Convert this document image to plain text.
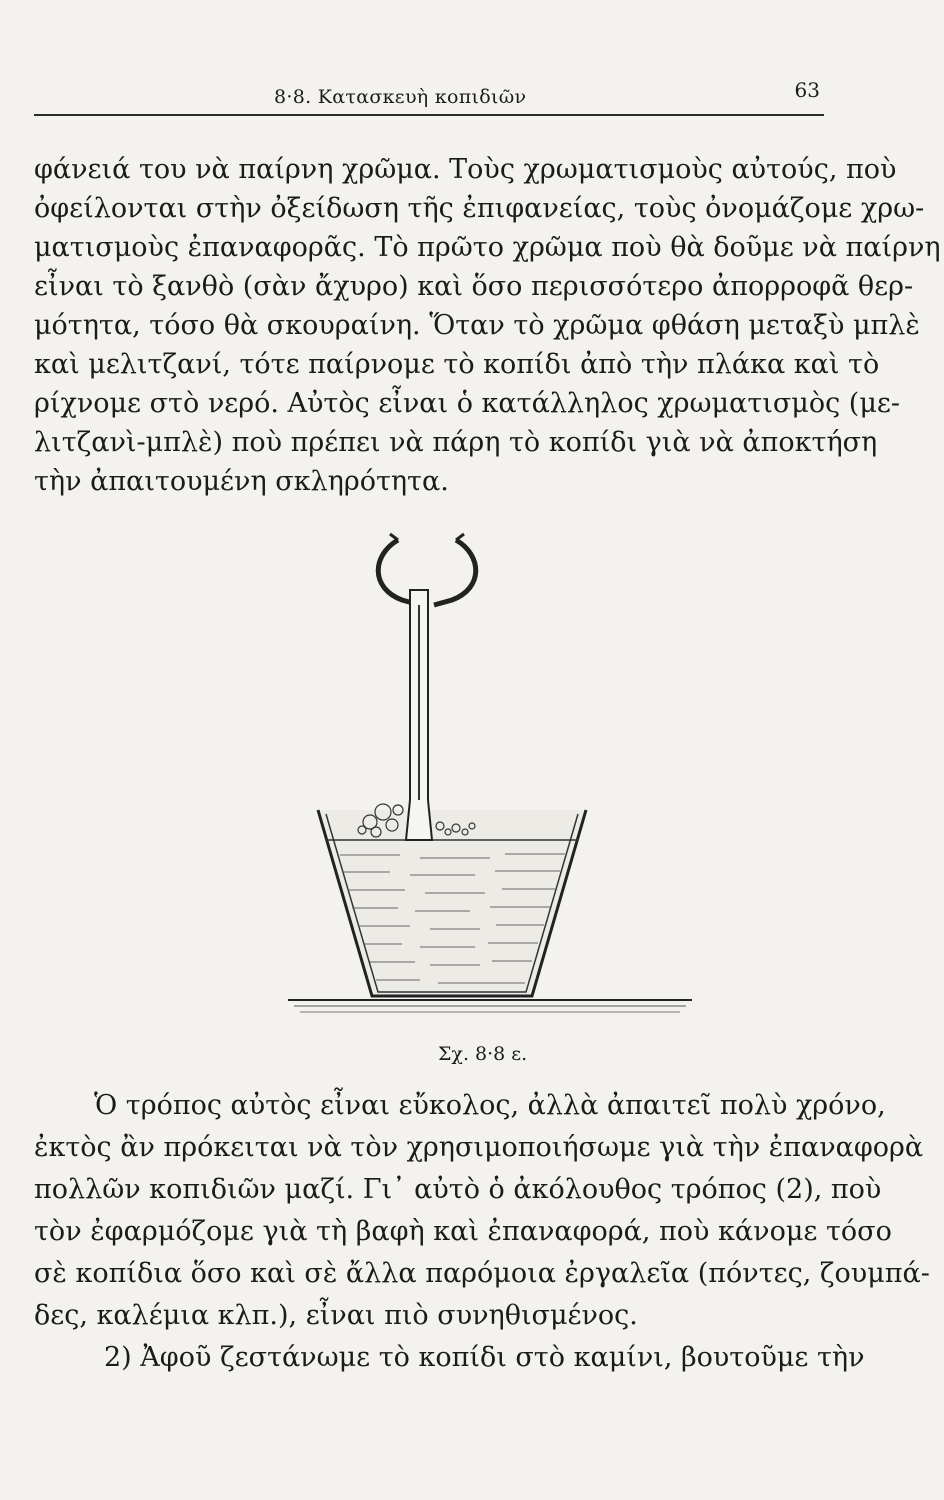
8·8. Κατασκευὴ κοπιδιῶν	63
φάνειά του νὰ παίρνη χρῶμα. Τοὺς χρωματισμοὺς αὐτούς, ποὺ
ὀφείλονται στὴν ὀξείδωση τῆς ἐπιφανείας, τοὺς ὀνομάζομε χρω-
ματισμοὺς ἐπαναφορᾶς. Τὸ πρῶτο χρῶμα ποὺ θὰ δοῦμε νὰ παίρνη
εἶναι τὸ ξανθὸ (σὰν ἄχυρο) καὶ ὅσο περισσότερο ἀπορροφᾶ θερ-
μότητα, τόσο θὰ σκουραίνη. Ὅταν τὸ χρῶμα φθάση μεταξὺ μπλὲ
καὶ μελιτζανί, τότε παίρνομε τὸ κοπίδι ἀπὸ τὴν πλάκα καὶ τὸ
ρίχνομε στὸ νερό. Αὐτὸς εἶναι ὁ κατάλληλος χρωματισμὸς (με-
λιτζανὶ-μπλὲ) ποὺ πρέπει νὰ πάρη τὸ κοπίδι γιὰ νὰ ἀποκτήση
τὴν ἀπαιτουμένη σκληρότητα.
Σχ. 8·8 ε.
Ὁ τρόπος αὐτὸς εἶναι εὔκολος, ἀλλὰ ἀπαιτεῖ πολὺ χρόνο,
ἐκτὸς ἂν πρόκειται νὰ τὸν χρησιμοποιήσωμε γιὰ τὴν ἐπαναφορὰ
πολλῶν κοπιδιῶν μαζί. Γι᾽ αὐτὸ ὁ ἀκόλουθος τρόπος (2), ποὺ
τὸν ἐφαρμόζομε γιὰ τὴ βαφὴ καὶ ἐπαναφορά, ποὺ κάνομε τόσο
σὲ κοπίδια ὅσο καὶ σὲ ἄλλα παρόμοια ἐργαλεῖα (πόντες, ζουμπά-
δες, καλέμια κλπ.), εἶναι πιὸ συνηθισμένος.
2) Ἀφοῦ ζεστάνωμε τὸ κοπίδι στὸ καμίνι, βουτοῦμε τὴν
